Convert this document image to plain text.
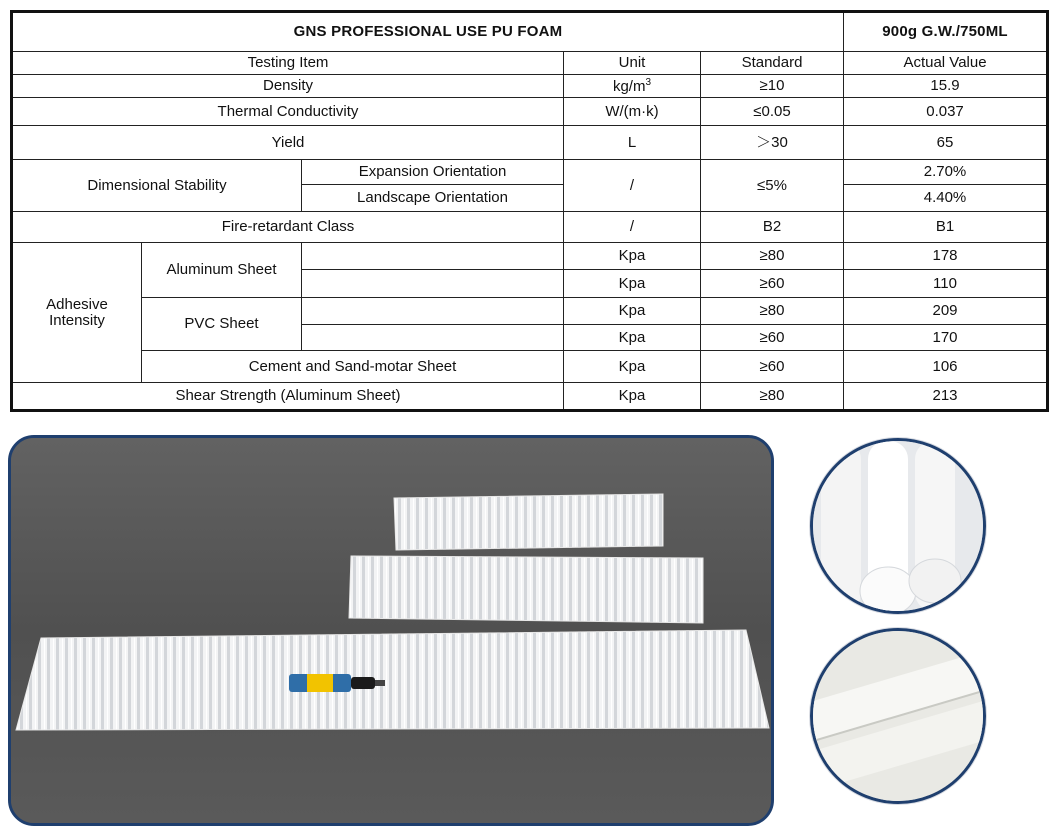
GNS PROFESSIONAL USE PU FOAM					900g G.W./750ML
Testing Item			Unit	Standard	Actual Value
Density			$kg/m^3$	≥10	15.9
Thermal Conductivity			W/(m·k)	≤0.05	0.037
Yield			L	＞30	65
Dimensional Stability		Expansion Orientation	/	≤5%	2.70%
		Landscape Orientation			4.40%
Fire-retardant Class			/	B2	B1
Adhesive
Intensity	Aluminum Sheet		Kpa	≥80	178
			Kpa	≥60	110
	PVC Sheet		Kpa	≥80	209
			Kpa	≥60	170
	Cement and Sand-motar Sheet		Kpa	≥60	106
Shear Strength (Aluminum Sheet)			Kpa	≥80	213
